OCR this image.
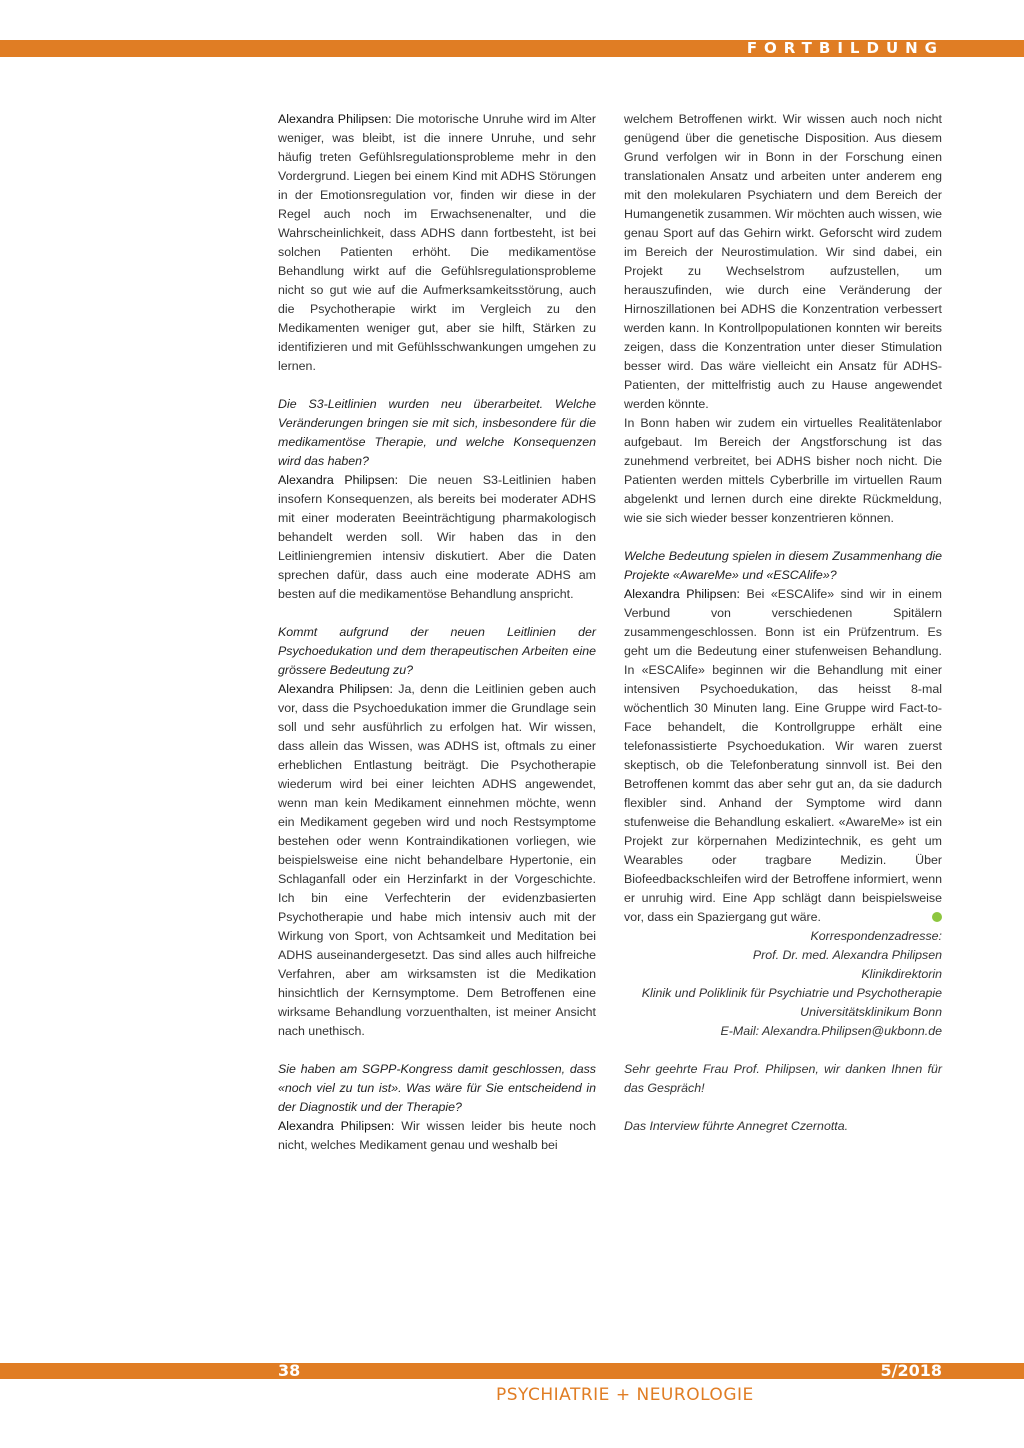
FORTBILDUNG

Alexandra Philipsen: Die motorische Unruhe wird im Alter weniger, was bleibt, ist die innere Unruhe, und sehr häufig treten Gefühlsregulationsprobleme mehr in den Vordergrund. Liegen bei einem Kind mit ADHS Störungen in der Emotionsregulation vor, finden wir diese in der Regel auch noch im Erwachsenenalter, und die Wahrscheinlichkeit, dass ADHS dann fortbesteht, ist bei solchen Patienten erhöht. Die medikamentöse Behandlung wirkt auf die Gefühlsregulationsprobleme nicht so gut wie auf die Aufmerksamkeitsstörung, auch die Psychotherapie wirkt im Vergleich zu den Medikamenten weniger gut, aber sie hilft, Stärken zu identifizieren und mit Gefühlsschwankungen umgehen zu lernen.

Die S3-Leitlinien wurden neu überarbeitet. Welche Veränderungen bringen sie mit sich, insbesondere für die medikamentöse Therapie, und welche Konsequenzen wird das haben?

Alexandra Philipsen: Die neuen S3-Leitlinien haben insofern Konsequenzen, als bereits bei moderater ADHS mit einer moderaten Beeinträchtigung pharmakologisch behandelt werden soll. Wir haben das in den Leitliniengremien intensiv diskutiert. Aber die Daten sprechen dafür, dass auch eine moderate ADHS am besten auf die medikamentöse Behandlung anspricht.

Kommt aufgrund der neuen Leitlinien der Psychoedukation und dem therapeutischen Arbeiten eine grössere Bedeutung zu?

Alexandra Philipsen: Ja, denn die Leitlinien geben auch vor, dass die Psychoedukation immer die Grundlage sein soll und sehr ausführlich zu erfolgen hat. Wir wissen, dass allein das Wissen, was ADHS ist, oftmals zu einer erheblichen Entlastung beiträgt. Die Psychotherapie wiederum wird bei einer leichten ADHS angewendet, wenn man kein Medikament einnehmen möchte, wenn ein Medikament gegeben wird und noch Restsymptome bestehen oder wenn Kontraindikationen vorliegen, wie beispielsweise eine nicht behandelbare Hypertonie, ein Schlaganfall oder ein Herzinfarkt in der Vorgeschichte. Ich bin eine Verfechterin der evidenzbasierten Psychotherapie und habe mich intensiv auch mit der Wirkung von Sport, von Achtsamkeit und Meditation bei ADHS auseinandergesetzt. Das sind alles auch hilfreiche Verfahren, aber am wirksamsten ist die Medikation hinsichtlich der Kernsymptome. Dem Betroffenen eine wirksame Behandlung vorzuenthalten, ist meiner Ansicht nach unethisch.

Sie haben am SGPP-Kongress damit geschlossen, dass «noch viel zu tun ist». Was wäre für Sie entscheidend in der Diagnostik und der Therapie?

Alexandra Philipsen: Wir wissen leider bis heute noch nicht, welches Medikament genau und weshalb bei

welchem Betroffenen wirkt. Wir wissen auch noch nicht genügend über die genetische Disposition. Aus diesem Grund verfolgen wir in Bonn in der Forschung einen translationalen Ansatz und arbeiten unter anderem eng mit den molekularen Psychiatern und dem Bereich der Humangenetik zusammen. Wir möchten auch wissen, wie genau Sport auf das Gehirn wirkt. Geforscht wird zudem im Bereich der Neurostimulation. Wir sind dabei, ein Projekt zu Wechselstrom aufzustellen, um herauszufinden, wie durch eine Veränderung der Hirnoszillationen bei ADHS die Konzentration verbessert werden kann. In Kontrollpopulationen konnten wir bereits zeigen, dass die Konzentration unter dieser Stimulation besser wird. Das wäre vielleicht ein Ansatz für ADHS-Patienten, der mittelfristig auch zu Hause angewendet werden könnte.

In Bonn haben wir zudem ein virtuelles Realitätenlabor aufgebaut. Im Bereich der Angstforschung ist das zunehmend verbreitet, bei ADHS bisher noch nicht. Die Patienten werden mittels Cyberbrille im virtuellen Raum abgelenkt und lernen durch eine direkte Rückmeldung, wie sie sich wieder besser konzentrieren können.

Welche Bedeutung spielen in diesem Zusammenhang die Projekte «AwareMe» und «ESCAlife»?

Alexandra Philipsen: Bei «ESCAlife» sind wir in einem Verbund von verschiedenen Spitälern zusammengeschlossen. Bonn ist ein Prüfzentrum. Es geht um die Bedeutung einer stufenweisen Behandlung. In «ESCAlife» beginnen wir die Behandlung mit einer intensiven Psychoedukation, das heisst 8-mal wöchentlich 30 Minuten lang. Eine Gruppe wird Fact-to-Face behandelt, die Kontrollgruppe erhält eine telefonassistierte Psychoedukation. Wir waren zuerst skeptisch, ob die Telefonberatung sinnvoll ist. Bei den Betroffenen kommt das aber sehr gut an, da sie dadurch flexibler sind. Anhand der Symptome wird dann stufenweise die Behandlung eskaliert. «AwareMe» ist ein Projekt zur körpernahen Medizintechnik, es geht um Wearables oder tragbare Medizin. Über Biofeedbackschleifen wird der Betroffene informiert, wenn er unruhig wird. Eine App schlägt dann beispielsweise vor, dass ein Spaziergang gut wäre.

Korrespondenzadresse:
Prof. Dr. med. Alexandra Philipsen
Klinikdirektorin
Klinik und Poliklinik für Psychiatrie und Psychotherapie
Universitätsklinikum Bonn
E-Mail: Alexandra.Philipsen@ukbonn.de

Sehr geehrte Frau Prof. Philipsen, wir danken Ihnen für das Gespräch!

Das Interview führte Annegret Czernotta.

38	5/2018
PSYCHIATRIE + NEUROLOGIE
